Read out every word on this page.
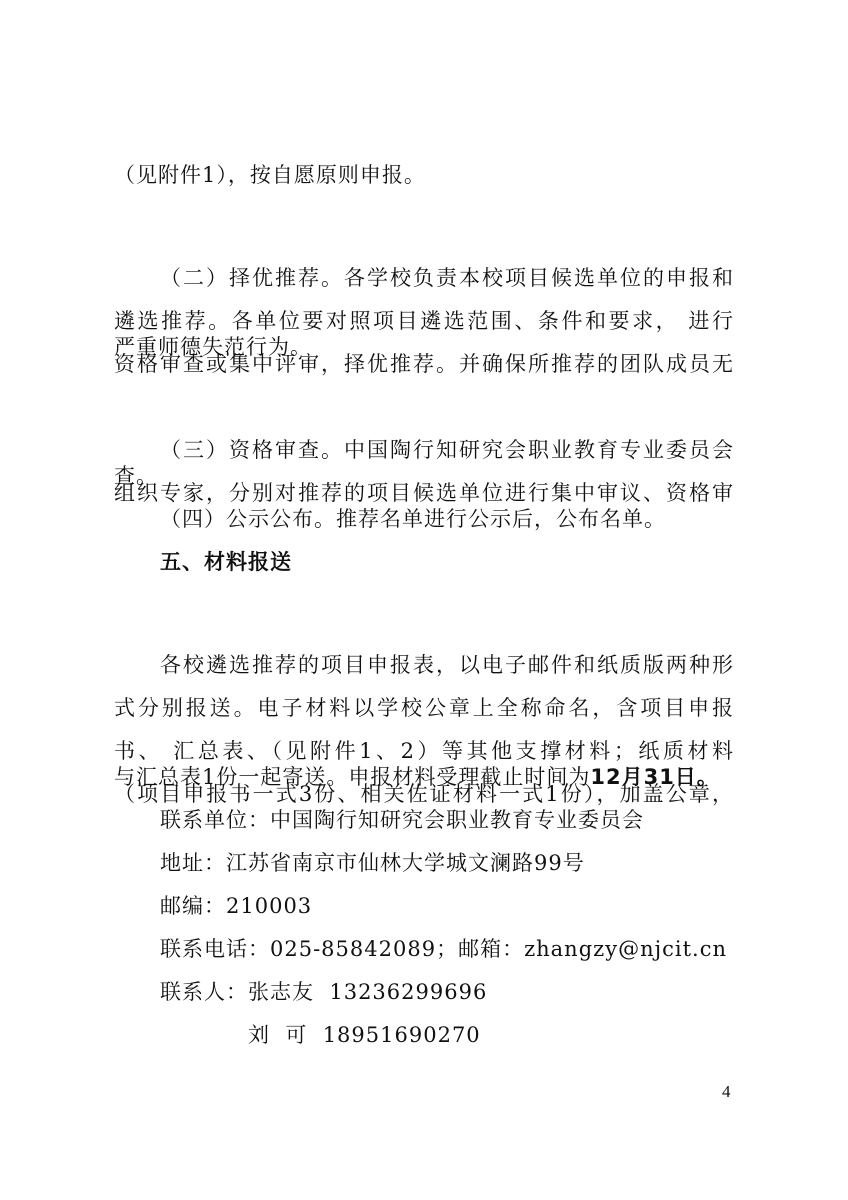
（见附件1），按自愿原则申报。

（二）择优推荐。各学校负责本校项目候选单位的申报和

遴选推荐。各单位要对照项目遴选范围、条件和要求， 进行

资格审查或集中评审，择优推荐。并确保所推荐的团队成员无

严重师德失范行为。

（三）资格审查。中国陶行知研究会职业教育专业委员会

组织专家，分别对推荐的项目候选单位进行集中审议、资格审

查。
（四）公示公布。推荐名单进行公示后，公布名单。
五、材料报送

各校遴选推荐的项目申报表，以电子邮件和纸质版两种形

式分别报送。电子材料以学校公章上全称命名，含项目申报

书、 汇总表、（见附件1、2）等其他支撑材料；纸质材料

（项目申报书一式3份、相关佐证材料一式1份），加盖公章，

与汇总表1份一起寄送。申报材料受理截止时间为12月31日。
联系单位：中国陶行知研究会职业教育专业委员会
地址：江苏省南京市仙林大学城文澜路99号
邮编：210003
联系电话：025-85842089；邮箱：zhangzy@njcit.cn
联系人：张志友  13236299696
刘  可  18951690270
4
